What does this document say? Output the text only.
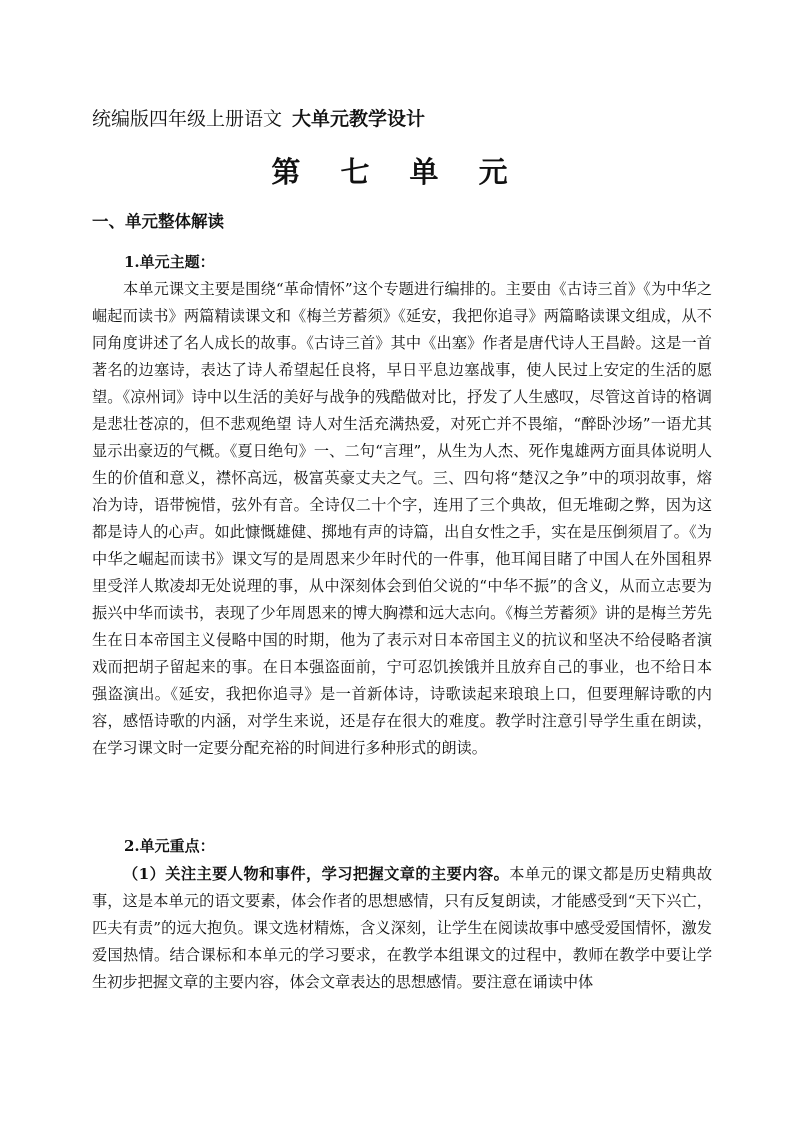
统编版四年级上册语文 大单元教学设计
第 七 单 元
一、单元整体解读
1.单元主题：

本单元课文主要是围绕“革命情怀”这个专题进行编排的。主要由《古诗三首》《为中华之崛起而读书》两篇精读课文和《梅兰芳蓄须》《延安，我把你追寻》两篇略读课文组成，从不同角度讲述了名人成长的故事。《古诗三首》其中《出塞》作者是唐代诗人王昌龄。这是一首著名的边塞诗，表达了诗人希望起任良将，早日平息边塞战事，使人民过上安定的生活的愿望。《凉州词》诗中以生活的美好与战争的残酷做对比，抒发了人生感叹，尽管这首诗的格调是悲壮苍凉的，但不悲观绝望 诗人对生活充满热爱，对死亡并不畏缩，“醉卧沙场”一语尤其显示出豪迈的气概。《夏日绝句》一、二句“言理”，从生为人杰、死作鬼雄两方面具体说明人生的价值和意义，襟怀高远，极富英豪丈夫之气。三、四句将“楚汉之争”中的项羽故事，熔冶为诗，语带惋惜，弦外有音。全诗仅二十个字，连用了三个典故，但无堆砌之弊，因为这都是诗人的心声。如此慷慨雄健、掷地有声的诗篇，出自女性之手，实在是压倒须眉了。《为中华之崛起而读书》课文写的是周恩来少年时代的一件事，他耳闻目睹了中国人在外国租界里受洋人欺凌却无处说理的事，从中深刻体会到伯父说的“中华不振”的含义，从而立志要为振兴中华而读书，表现了少年周恩来的博大胸襟和远大志向。《梅兰芳蓄须》讲的是梅兰芳先生在日本帝国主义侵略中国的时期，他为了表示对日本帝国主义的抗议和坚决不给侵略者演戏而把胡子留起来的事。在日本强盗面前，宁可忍饥挨饿并且放弃自己的事业，也不给日本强盗演出。《延安，我把你追寻》是一首新体诗，诗歌读起来琅琅上口，但要理解诗歌的内容，感悟诗歌的内涵，对学生来说，还是存在很大的难度。教学时注意引导学生重在朗读，在学习课文时一定要分配充裕的时间进行多种形式的朗读。

2.单元重点：

（1）关注主要人物和事件，学习把握文章的主要内容。本单元的课文都是历史精典故事，这是本单元的语文要素，体会作者的思想感情，只有反复朗读，才能感受到“天下兴亡，匹夫有责”的远大抱负。课文选材精炼，含义深刻，让学生在阅读故事中感受爱国情怀，激发爱国热情。结合课标和本单元的学习要求，在教学本组课文的过程中，教师在教学中要让学生初步把握文章的主要内容，体会文章表达的思想感情。要注意在诵读中体
